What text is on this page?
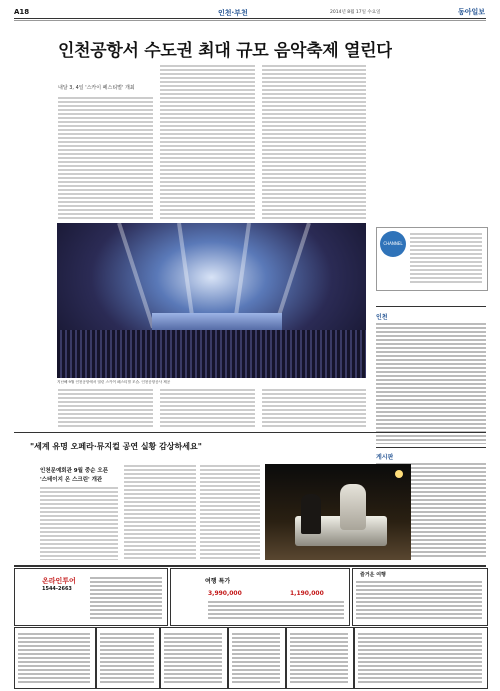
A18	인천·부천	2014년 8월 17일 수요일	동아일보
인천공항서 수도권 최대 규모 음악축제 열린다

내달 3, 4일 '스카이 페스티벌' 개최

지난해 9월 인천공항에서 열린 스카이 페스티벌 모습. 인천공항공사 제공
CHANNEL
인천
게시판
"세계 유명 오페라·뮤지컬 공연 실황 감상하세요"
인천문예회관 9월 중순 오픈
'스테이지 온 스크린' 개관
온라인투어
1544-2663
여행 특가
3,990,000	1,190,000
즐거운 여행
